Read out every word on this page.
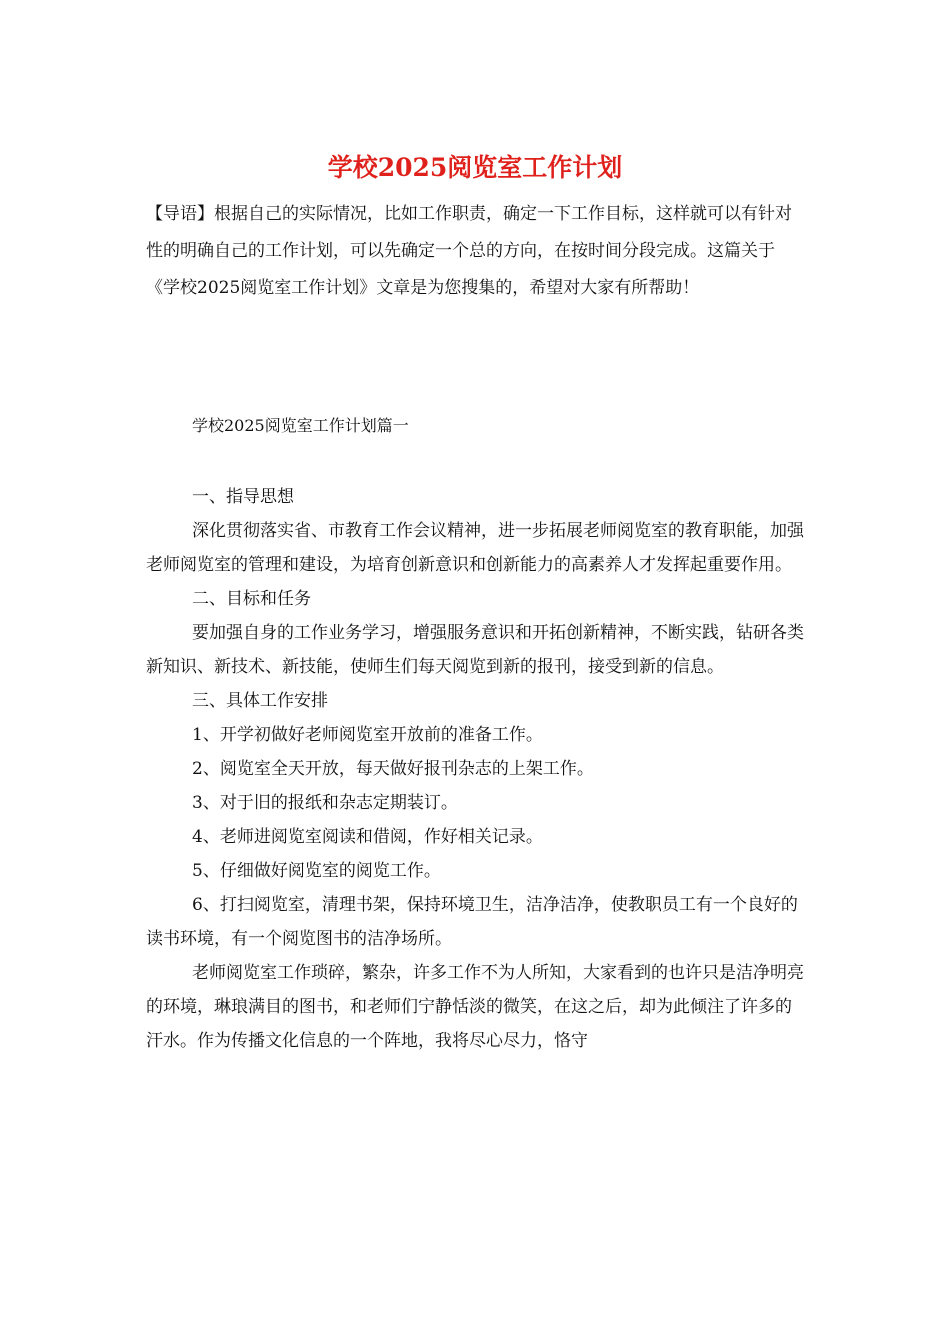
学校2025阅览室工作计划

【导语】根据自己的实际情况，比如工作职责，确定一下工作目标，这样就可以有针对性的明确自己的工作计划，可以先确定一个总的方向，在按时间分段完成。这篇关于《学校2025阅览室工作计划》文章是为您搜集的，希望对大家有所帮助！

学校2025阅览室工作计划篇一

一、指导思想

深化贯彻落实省、市教育工作会议精神，进一步拓展老师阅览室的教育职能，加强老师阅览室的管理和建设，为培育创新意识和创新能力的高素养人才发挥起重要作用。

二、目标和任务

要加强自身的工作业务学习，增强服务意识和开拓创新精神，不断实践，钻研各类新知识、新技术、新技能，使师生们每天阅览到新的报刊，接受到新的信息。

三、具体工作安排

1、开学初做好老师阅览室开放前的准备工作。

2、阅览室全天开放，每天做好报刊杂志的上架工作。

3、对于旧的报纸和杂志定期装订。

4、老师进阅览室阅读和借阅，作好相关记录。

5、仔细做好阅览室的阅览工作。

6、打扫阅览室，清理书架，保持环境卫生，洁净洁净，使教职员工有一个良好的读书环境，有一个阅览图书的洁净场所。

老师阅览室工作琐碎，繁杂，许多工作不为人所知，大家看到的也许只是洁净明亮的环境，琳琅满目的图书，和老师们宁静恬淡的微笑，在这之后，却为此倾注了许多的汗水。作为传播文化信息的一个阵地，我将尽心尽力，恪守
